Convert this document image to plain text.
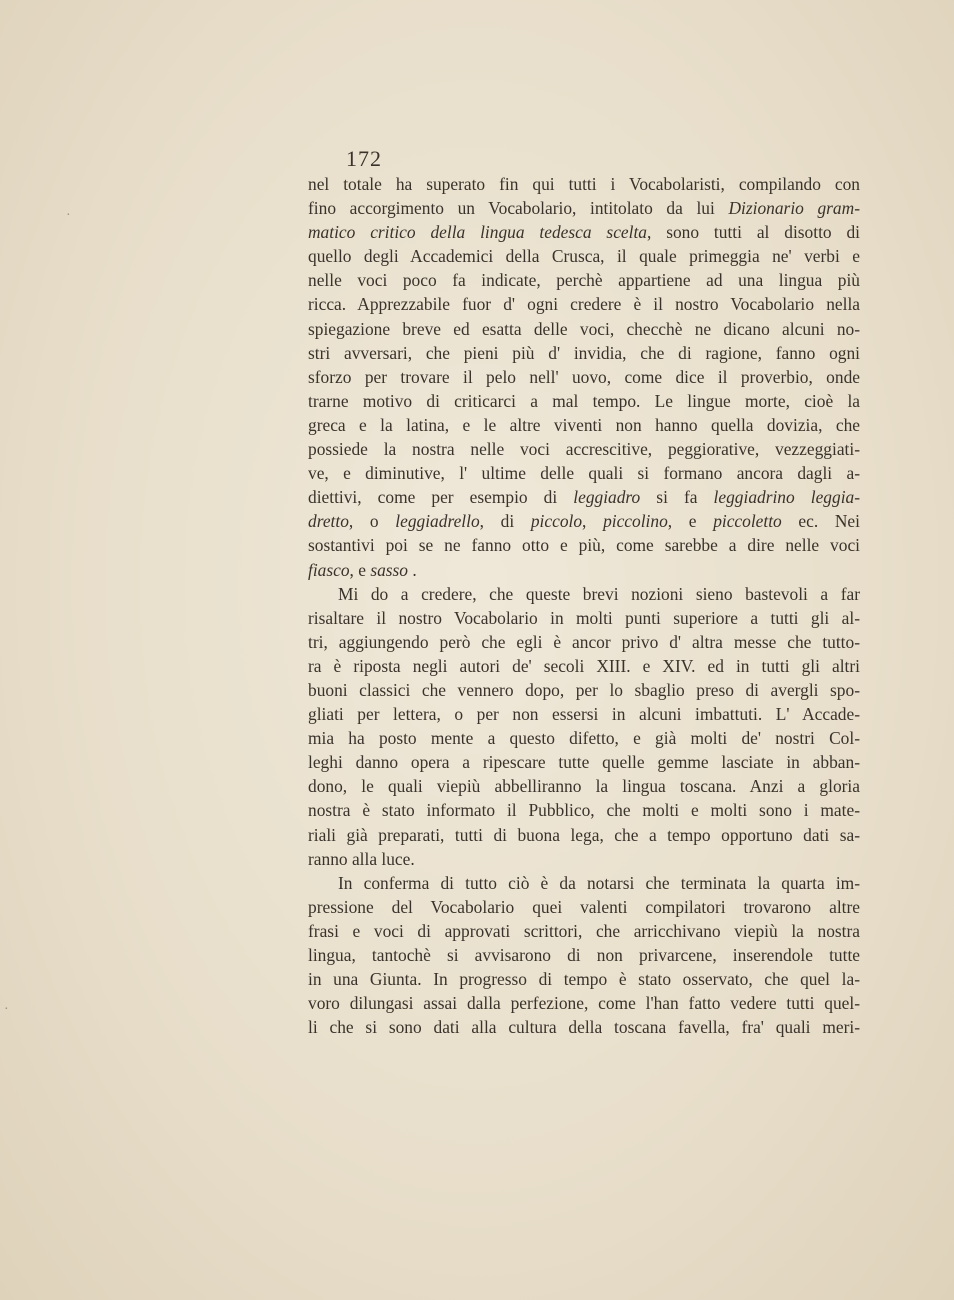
172
nel totale ha superato fin qui tutti i Vocabolaristi, compilando con
fino accorgimento un Vocabolario, intitolato da lui Dizionario gram-
matico critico della lingua tedesca scelta, sono tutti al disotto di
quello degli Accademici della Crusca, il quale primeggia ne' verbi e
nelle voci poco fa indicate, perchè appartiene ad una lingua più
ricca. Apprezzabile fuor d' ogni credere è il nostro Vocabolario nella
spiegazione breve ed esatta delle voci, checchè ne dicano alcuni no-
stri avversari, che pieni più d' invidia, che di ragione, fanno ogni
sforzo per trovare il pelo nell' uovo, come dice il proverbio, onde
trarne motivo di criticarci a mal tempo. Le lingue morte, cioè la
greca e la latina, e le altre viventi non hanno quella dovizia, che
possiede la nostra nelle voci accrescitive, peggiorative, vezzeggiati-
ve, e diminutive, l' ultime delle quali si formano ancora dagli a-
diettivi, come per esempio di leggiadro si fa leggiadrino leggia-
dretto, o leggiadrello, di piccolo, piccolino, e piccoletto ec. Nei
sostantivi poi se ne fanno otto e più, come sarebbe a dire nelle voci
fiasco, e sasso .
Mi do a credere, che queste brevi nozioni sieno bastevoli a far
risaltare il nostro Vocabolario in molti punti superiore a tutti gli al-
tri, aggiungendo però che egli è ancor privo d' altra messe che tutto-
ra è riposta negli autori de' secoli XIII. e XIV. ed in tutti gli altri
buoni classici che vennero dopo, per lo sbaglio preso di avergli spo-
gliati per lettera, o per non essersi in alcuni imbattuti. L' Accade-
mia ha posto mente a questo difetto, e già molti de' nostri Col-
leghi danno opera a ripescare tutte quelle gemme lasciate in abban-
dono, le quali viepiù abbelliranno la lingua toscana. Anzi a gloria
nostra è stato informato il Pubblico, che molti e molti sono i mate-
riali già preparati, tutti di buona lega, che a tempo opportuno dati sa-
ranno alla luce.
In conferma di tutto ciò è da notarsi che terminata la quarta im-
pressione del Vocabolario quei valenti compilatori trovarono altre
frasi e voci di approvati scrittori, che arricchivano viepiù la nostra
lingua, tantochè si avvisarono di non privarcene, inserendole tutte
in una Giunta. In progresso di tempo è stato osservato, che quel la-
voro dilungasi assai dalla perfezione, come l'han fatto vedere tutti quel-
li che si sono dati alla cultura della toscana favella, fra' quali meri-
·
·
